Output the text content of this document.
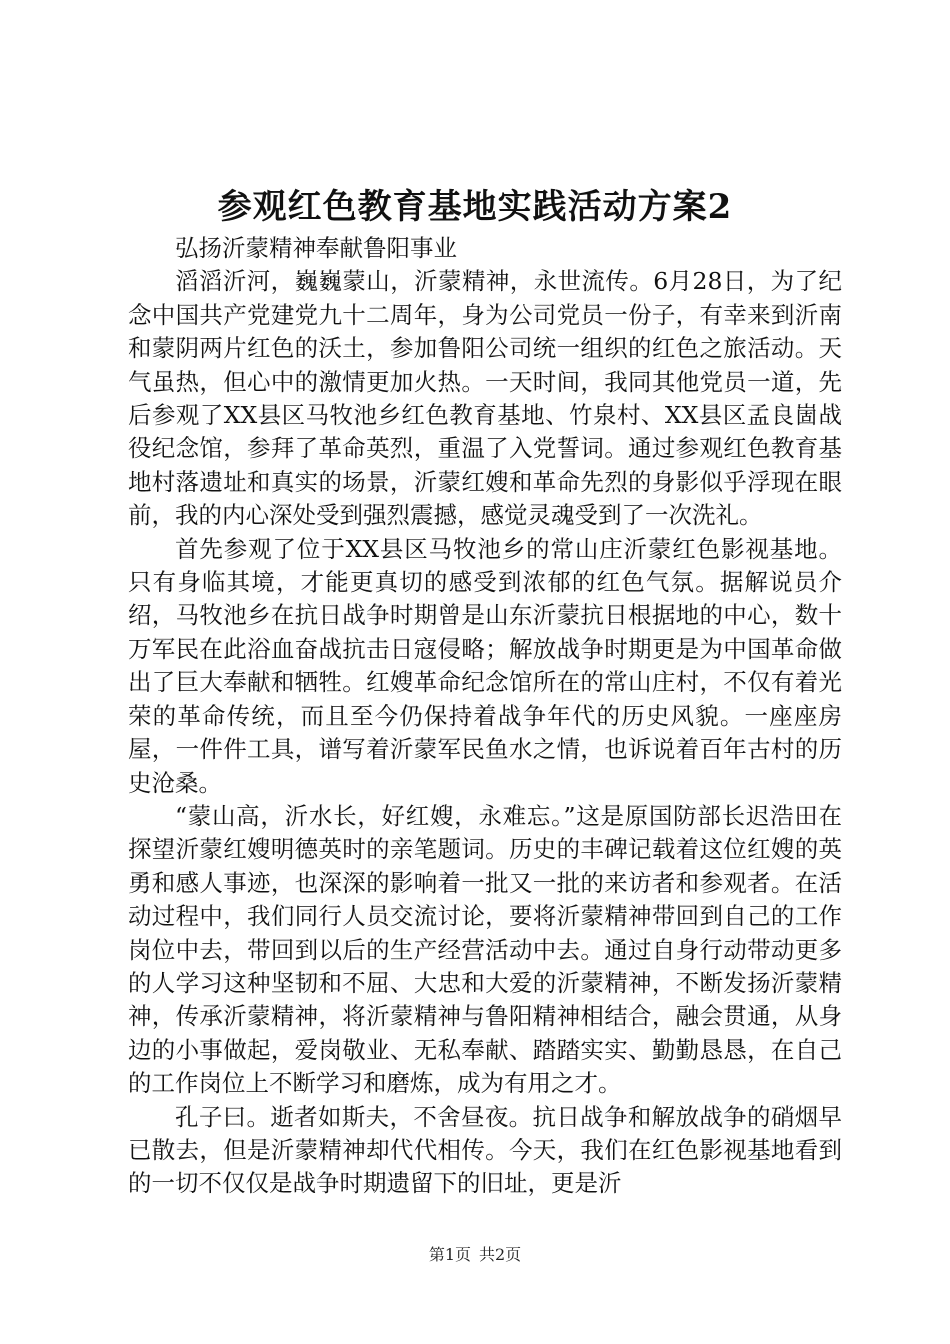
参观红色教育基地实践活动方案2

弘扬沂蒙精神奉献鲁阳事业

滔滔沂河，巍巍蒙山，沂蒙精神，永世流传。6月28日，为了纪念中国共产党建党九十二周年，身为公司党员一份子，有幸来到沂南和蒙阴两片红色的沃土，参加鲁阳公司统一组织的红色之旅活动。天气虽热，但心中的激情更加火热。一天时间，我同其他党员一道，先后参观了XX县区马牧池乡红色教育基地、竹泉村、XX县区孟良崮战役纪念馆，参拜了革命英烈，重温了入党誓词。通过参观红色教育基地村落遗址和真实的场景，沂蒙红嫂和革命先烈的身影似乎浮现在眼前，我的内心深处受到强烈震撼，感觉灵魂受到了一次洗礼。

首先参观了位于XX县区马牧池乡的常山庄沂蒙红色影视基地。只有身临其境，才能更真切的感受到浓郁的红色气氛。据解说员介绍，马牧池乡在抗日战争时期曾是山东沂蒙抗日根据地的中心，数十万军民在此浴血奋战抗击日寇侵略；解放战争时期更是为中国革命做出了巨大奉献和牺牲。红嫂革命纪念馆所在的常山庄村，不仅有着光荣的革命传统，而且至今仍保持着战争年代的历史风貌。一座座房屋，一件件工具，谱写着沂蒙军民鱼水之情，也诉说着百年古村的历史沧桑。

“蒙山高，沂水长，好红嫂，永难忘。”这是原国防部长迟浩田在探望沂蒙红嫂明德英时的亲笔题词。历史的丰碑记载着这位红嫂的英勇和感人事迹，也深深的影响着一批又一批的来访者和参观者。在活动过程中，我们同行人员交流讨论，要将沂蒙精神带回到自己的工作岗位中去，带回到以后的生产经营活动中去。通过自身行动带动更多的人学习这种坚韧和不屈、大忠和大爱的沂蒙精神，不断发扬沂蒙精神，传承沂蒙精神，将沂蒙精神与鲁阳精神相结合，融会贯通，从身边的小事做起，爱岗敬业、无私奉献、踏踏实实、勤勤恳恳，在自己的工作岗位上不断学习和磨炼，成为有用之才。

孔子曰。逝者如斯夫，不舍昼夜。抗日战争和解放战争的硝烟早已散去，但是沂蒙精神却代代相传。今天，我们在红色影视基地看到的一切不仅仅是战争时期遗留下的旧址，更是沂

第1页 共2页
